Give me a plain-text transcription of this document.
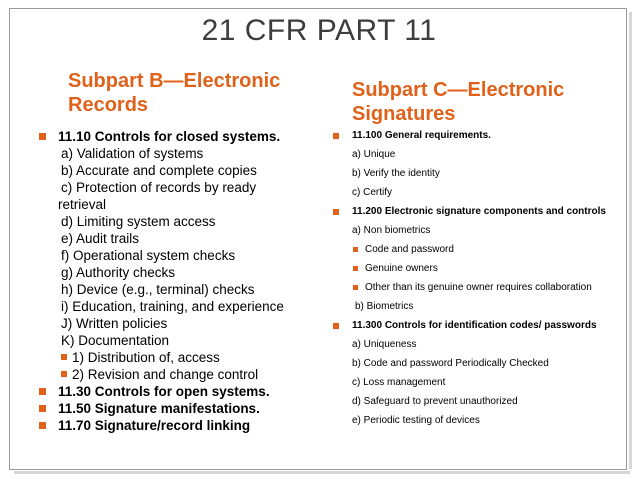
21 CFR PART 11
Subpart B—Electronic
Records
Subpart C—Electronic
Signatures
11.10 Controls for closed systems.
a) Validation of systems
b) Accurate and complete copies
c) Protection of records by ready
retrieval
d) Limiting system access
e) Audit trails
f) Operational system checks
g) Authority checks
h) Device (e.g., terminal) checks
i) Education, training, and experience
J) Written policies
K) Documentation
1) Distribution of, access
2) Revision and change control
11.30 Controls for open systems.
11.50 Signature manifestations.
11.70 Signature/record linking
11.100 General requirements.
a) Unique
b) Verify the identity
c) Certify
11.200 Electronic signature components and controls
a) Non biometrics
Code and password
Genuine owners
Other than its genuine owner requires collaboration
b) Biometrics
11.300 Controls for identification codes/ passwords
a) Uniqueness
b) Code and password Periodically Checked
c) Loss management
d) Safeguard to prevent unauthorized
e) Periodic testing of devices
